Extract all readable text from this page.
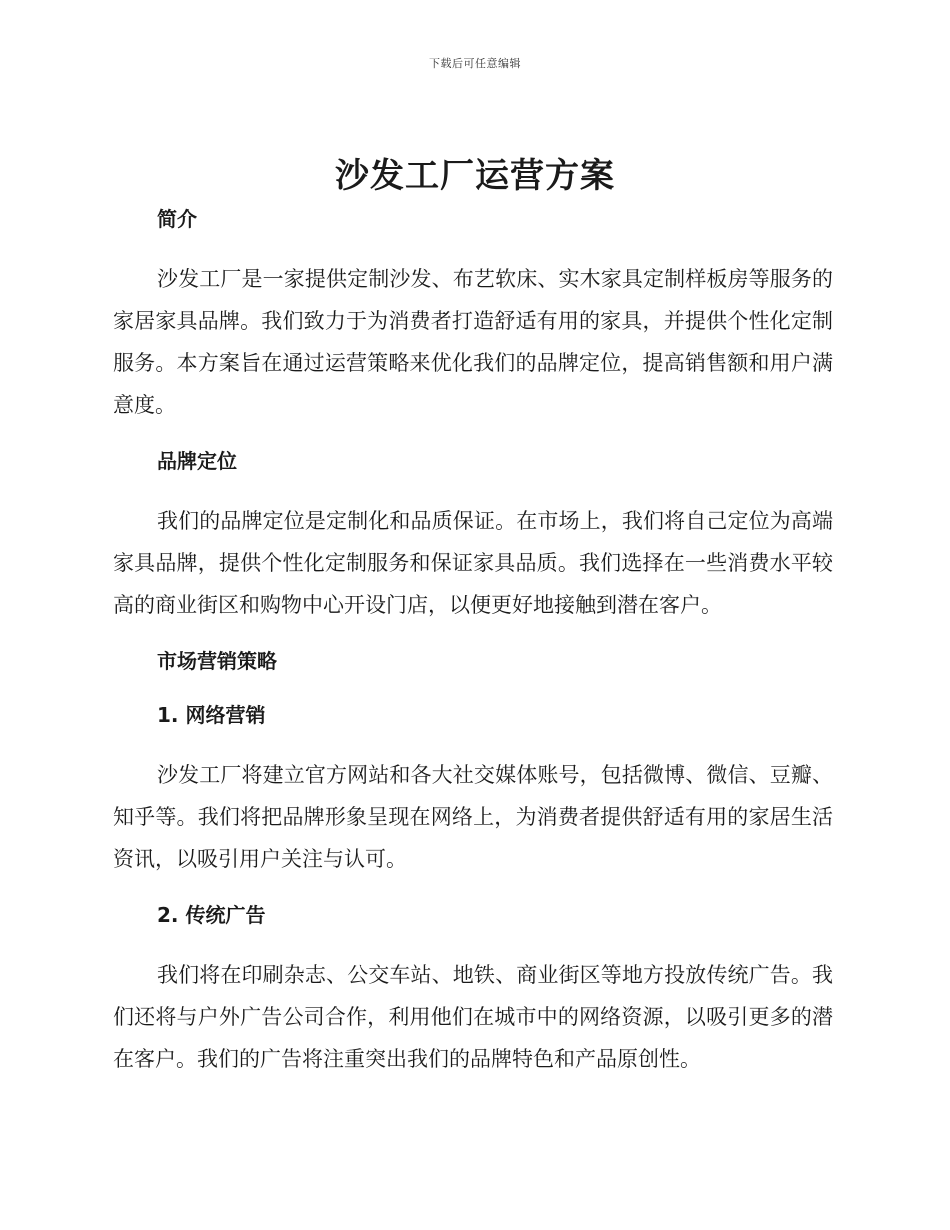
下载后可任意编辑
沙发工厂运营方案
简介

沙发工厂是一家提供定制沙发、布艺软床、实木家具定制样板房等服务的家居家具品牌。我们致力于为消费者打造舒适有用的家具，并提供个性化定制服务。本方案旨在通过运营策略来优化我们的品牌定位，提高销售额和用户满意度。

品牌定位

我们的品牌定位是定制化和品质保证。在市场上，我们将自己定位为高端家具品牌，提供个性化定制服务和保证家具品质。我们选择在一些消费水平较高的商业街区和购物中心开设门店，以便更好地接触到潜在客户。

市场营销策略
1. 网络营销

沙发工厂将建立官方网站和各大社交媒体账号，包括微博、微信、豆瓣、知乎等。我们将把品牌形象呈现在网络上，为消费者提供舒适有用的家居生活资讯，以吸引用户关注与认可。

2. 传统广告

我们将在印刷杂志、公交车站、地铁、商业街区等地方投放传统广告。我们还将与户外广告公司合作，利用他们在城市中的网络资源，以吸引更多的潜在客户。我们的广告将注重突出我们的品牌特色和产品原创性。
